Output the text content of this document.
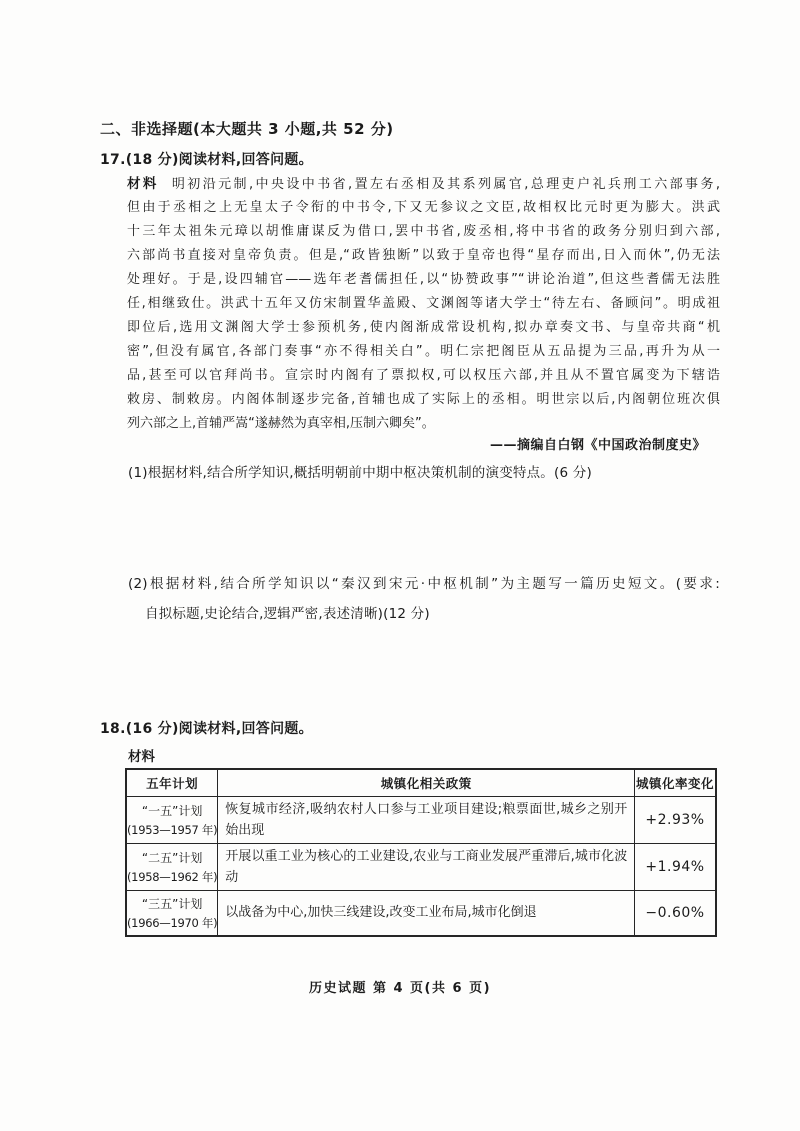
二、非选择题(本大题共 3 小题,共 52 分)
17.(18 分)阅读材料,回答问题。
材料 明初沿元制,中央设中书省,置左右丞相及其系列属官,总理吏户礼兵刑工六部事务,
但由于丞相之上无皇太子令衔的中书令,下又无参议之文臣,故相权比元时更为膨大。洪武
十三年太祖朱元璋以胡惟庸谋反为借口,罢中书省,废丞相,将中书省的政务分别归到六部,
六部尚书直接对皇帝负责。但是,“政皆独断”以致于皇帝也得“星存而出,日入而休”,仍无法
处理好。于是,设四辅官——选年老耆儒担任,以“协赞政事”“讲论治道”,但这些耆儒无法胜
任,相继致仕。洪武十五年又仿宋制置华盖殿、文渊阁等诸大学士“待左右、备顾问”。明成祖
即位后,选用文渊阁大学士参预机务,使内阁渐成常设机构,拟办章奏文书、与皇帝共商“机
密”,但没有属官,各部门奏事“亦不得相关白”。明仁宗把阁臣从五品提为三品,再升为从一
品,甚至可以官拜尚书。宣宗时内阁有了票拟权,可以权压六部,并且从不置官属变为下辖诰
敕房、制敕房。内阁体制逐步完备,首辅也成了实际上的丞相。明世宗以后,内阁朝位班次俱
列六部之上,首辅严嵩“遂赫然为真宰相,压制六卿矣”。
——摘编自白钢《中国政治制度史》
(1)根据材料,结合所学知识,概括明朝前中期中枢决策机制的演变特点。(6 分)
(2)根据材料,结合所学知识以“秦汉到宋元·中枢机制”为主题写一篇历史短文。(要求:
自拟标题,史论结合,逻辑严密,表述清晰)(12 分)
18.(16 分)阅读材料,回答问题。
材料
五年计划	城镇化相关政策	城镇化率变化

“一五”计划
(1953—1957 年)	恢复城市经济,吸纳农村人口参与工业项目建设;粮票面世,城乡之别开始出现	+2.93%

“二五”计划
(1958—1962 年)	开展以重工业为核心的工业建设,农业与工商业发展严重滞后,城市化波动	+1.94%

“三五”计划
(1966—1970 年)	以战备为中心,加快三线建设,改变工业布局,城市化倒退	−0.60%
历史试题 第 4 页(共 6 页)
